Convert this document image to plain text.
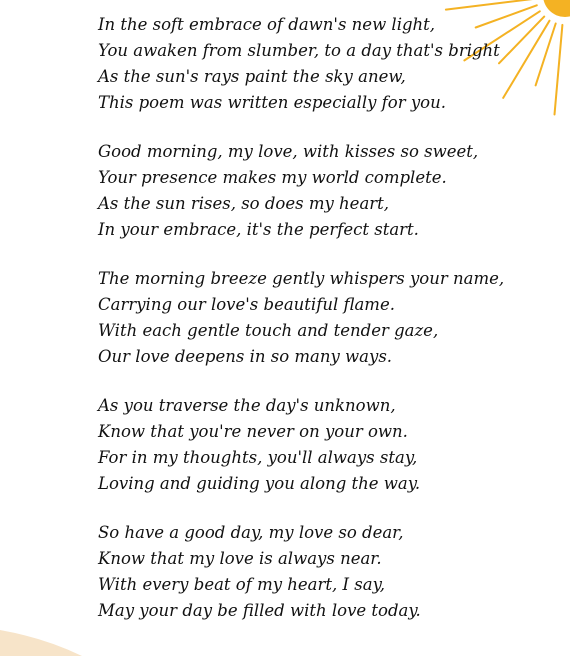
In the soft embrace of dawn's new light,
You awaken from slumber, to a day that's bright
As the sun's rays paint the sky anew,
This poem was written especially for you.
Good morning, my love, with kisses so sweet,
Your presence makes my world complete.
As the sun rises, so does my heart,
In your embrace, it's the perfect start.
The morning breeze gently whispers your name,
Carrying our love's beautiful flame.
With each gentle touch and tender gaze,
Our love deepens in so many ways.
As you traverse the day's unknown,
Know that you're never on your own.
For in my thoughts, you'll always stay,
Loving and guiding you along the way.
So have a good day, my love so dear,
Know that my love is always near.
With every beat of my heart, I say,
May your day be filled with love today.
